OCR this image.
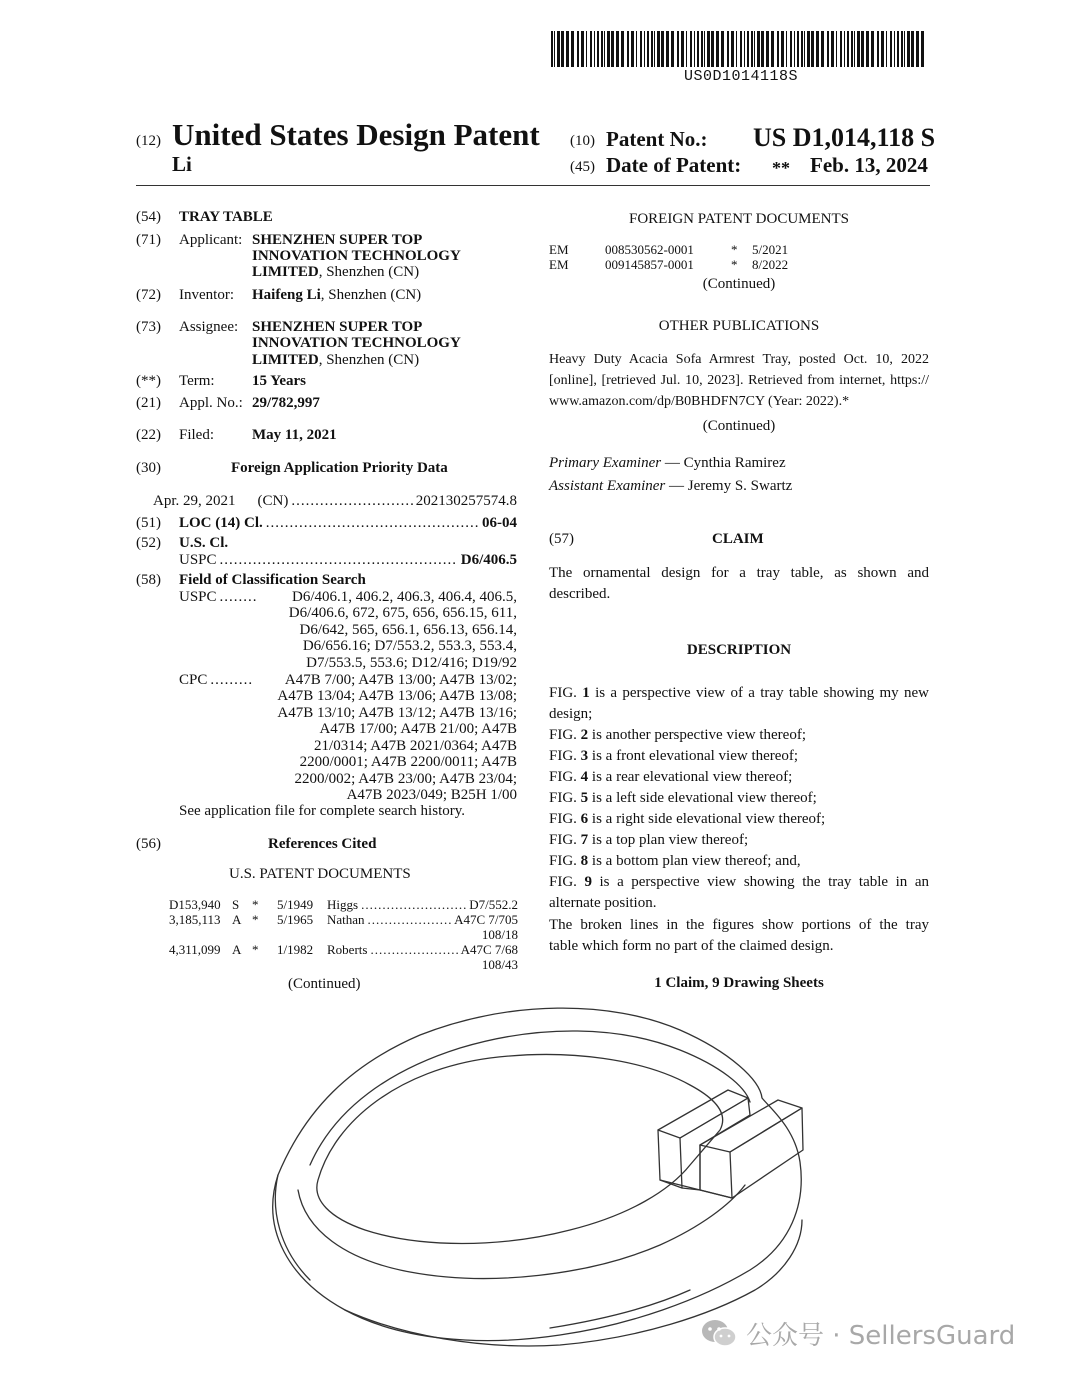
US0D1014118S
(12) United States Design Patent
Li
(10) Patent No.: US D1,014,118 S
(45) Date of Patent: ** Feb. 13, 2024
(54) TRAY TABLE
(71) Applicant: SHENZHEN SUPER TOP
INNOVATION TECHNOLOGY
LIMITED, Shenzhen (CN)
(72) Inventor: Haifeng Li, Shenzhen (CN)
(73) Assignee: SHENZHEN SUPER TOP
INNOVATION TECHNOLOGY
LIMITED, Shenzhen (CN)
(**) Term: 15 Years
(21) Appl. No.: 29/782,997
(22) Filed:	May 11, 2021
(30)	Foreign Application Priority Data
Apr. 29, 2021 (CN) .....	202130257574.8
(51) LOC (14) Cl. .....	06-04
(52) U.S. Cl.
USPC .....	D6/406.5
(58) Field of Classification Search
USPC .....	D6/406.1, 406.2, 406.3, 406.4, 406.5,
D6/406.6, 672, 675, 656, 656.15, 611,
D6/642, 565, 656.1, 656.13, 656.14,
D6/656.16; D7/553.2, 553.3, 553.4,
D7/553.5, 553.6; D12/416; D19/92
CPC .....	A47B 7/00; A47B 13/00; A47B 13/02;
A47B 13/04; A47B 13/06; A47B 13/08;
A47B 13/10; A47B 13/12; A47B 13/16;
A47B 17/00; A47B 21/00; A47B
21/0314; A47B 2021/0364; A47B
2200/0001; A47B 2200/0011; A47B
2200/002; A47B 23/00; A47B 23/04;
A47B 2023/049; B25H 1/00
See application file for complete search history.
(56)	References Cited
U.S. PATENT DOCUMENTS
D153,940 S * 5/1949 Higgs .....	D7/552.2
3,185,113 A * 5/1965 Nathan .....	A47C 7/705
108/18
4,311,099 A * 1/1982 Roberts .....	A47C 7/68
108/43
(Continued)
FOREIGN PATENT DOCUMENTS
EM	008530562-0001	* 5/2021
EM	009145857-0001	* 8/2022
(Continued)
OTHER PUBLICATIONS
Heavy Duty Acacia Sofa Armrest Tray, posted Oct. 10, 2022
[online], [retrieved Jul. 10, 2023]. Retrieved from internet, https://
www.amazon.com/dp/B0BHDFN7CY (Year: 2022).*
(Continued)
Primary Examiner — Cynthia Ramirez
Assistant Examiner — Jeremy S. Swartz
(57)	CLAIM
The ornamental design for a tray table, as shown and
described.
DESCRIPTION
FIG. 1 is a perspective view of a tray table showing my new
design;
FIG. 2 is another perspective view thereof;
FIG. 3 is a front elevational view thereof;
FIG. 4 is a rear elevational view thereof;
FIG. 5 is a left side elevational view thereof;
FIG. 6 is a right side elevational view thereof;
FIG. 7 is a top plan view thereof;
FIG. 8 is a bottom plan view thereof; and,
FIG. 9 is a perspective view showing the tray table in an
alternate position.
The broken lines in the figures show portions of the tray
table which form no part of the claimed design.
1 Claim, 9 Drawing Sheets
公众号 · SellersGuard
